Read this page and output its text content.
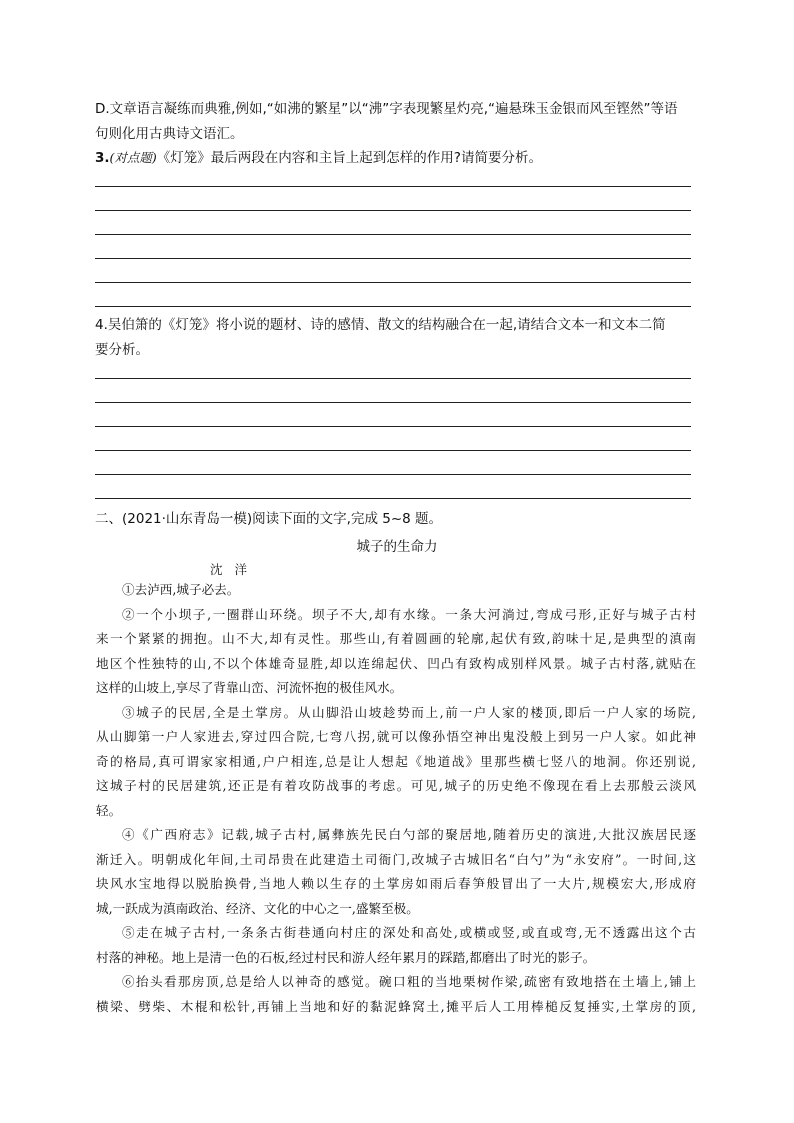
D.文章语言凝练而典雅,例如,“如沸的繁星”以“沸”字表现繁星灼亮,“遍悬珠玉金银而风至铿然”等语
句则化用古典诗文语汇。
3.(对点题)《灯笼》最后两段在内容和主旨上起到怎样的作用?请简要分析。
4.吴伯箫的《灯笼》将小说的题材、诗的感情、散文的结构融合在一起,请结合文本一和文本二简
要分析。
二、(2021·山东青岛一模)阅读下面的文字,完成 5~8 题。
城子的生命力
沈洋
①去泸西,城子必去。
②一个小坝子,一圈群山环绕。坝子不大,却有水缘。一条大河淌过,弯成弓形,正好与城子古村
来一个紧紧的拥抱。山不大,却有灵性。那些山,有着圆画的轮廓,起伏有致,韵味十足,是典型的滇南
地区个性独特的山,不以个体雄奇显胜,却以连绵起伏、凹凸有致构成别样风景。城子古村落,就贴在
这样的山坡上,享尽了背靠山峦、河流怀抱的极佳风水。
③城子的民居,全是土掌房。从山脚沿山坡趁势而上,前一户人家的楼顶,即后一户人家的场院,
从山脚第一户人家进去,穿过四合院,七弯八拐,就可以像孙悟空神出鬼没般上到另一户人家。如此神
奇的格局,真可谓家家相通,户户相连,总是让人想起《地道战》里那些横七竖八的地洞。你还别说,
这城子村的民居建筑,还正是有着攻防战事的考虑。可见,城子的历史绝不像现在看上去那般云淡风
轻。
④《广西府志》记载,城子古村,属彝族先民白勺部的聚居地,随着历史的演进,大批汉族居民逐
渐迁入。明朝成化年间,土司昂贵在此建造土司衙门,改城子古城旧名“白勺”为“永安府”。一时间,这
块风水宝地得以脱胎换骨,当地人赖以生存的土掌房如雨后春笋般冒出了一大片,规模宏大,形成府
城,一跃成为滇南政治、经济、文化的中心之一,盛繁至极。
⑤走在城子古村,一条条古街巷通向村庄的深处和高处,或横或竖,或直或弯,无不透露出这个古
村落的神秘。地上是清一色的石板,经过村民和游人经年累月的踩踏,都磨出了时光的影子。
⑥抬头看那房顶,总是给人以神奇的感觉。碗口粗的当地栗树作梁,疏密有致地搭在土墙上,铺上
横梁、劈柴、木棍和松针,再铺上当地和好的黏泥蜂窝土,摊平后人工用棒槌反复捶实,土掌房的顶,
